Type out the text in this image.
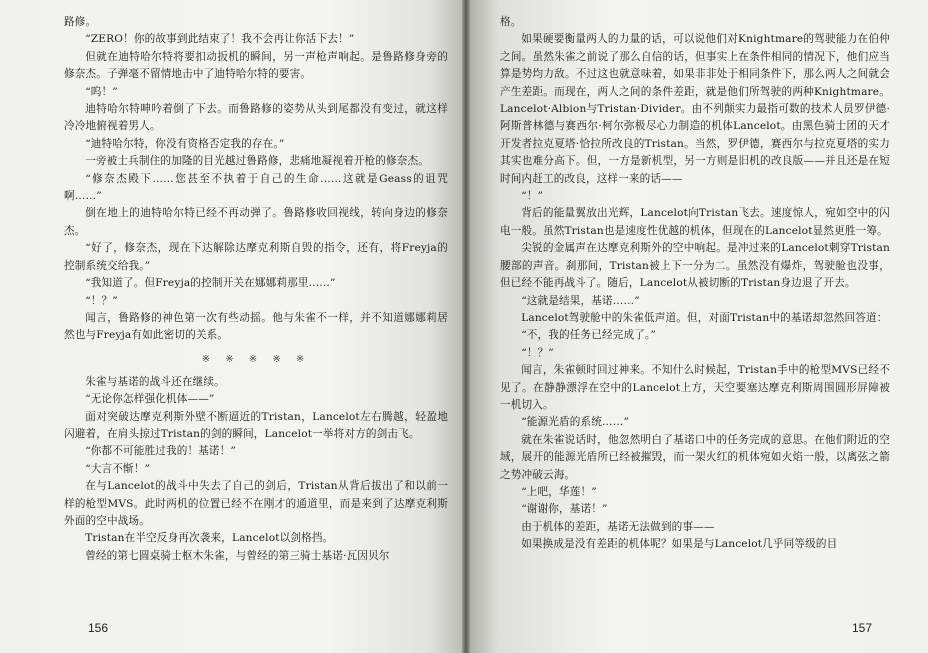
路修。

“ZERO！你的故事到此结束了！我不会再让你活下去！”

但就在迪特哈尔特将要扣动扳机的瞬间，另一声枪声响起。是鲁路修身旁的修奈杰。子弹毫不留情地击中了迪特哈尔特的要害。

“呜！”

迪特哈尔特呻吟着倒了下去。而鲁路修的姿势从头到尾都没有变过，就这样冷冷地俯视着男人。

“迪特哈尔特，你没有资格否定我的存在。”

一旁被士兵制住的加隆的目光越过鲁路修，悲痛地凝视着开枪的修奈杰。

“修奈杰殿下……您甚至不执着于自己的生命……这就是Geass的诅咒啊……”

倒在地上的迪特哈尔特已经不再动弹了。鲁路修收回视线，转向身边的修奈杰。

“好了，修奈杰，现在下达解除达摩克利斯自毁的指令，还有，将Freyja的控制系统交给我。”

“我知道了。但Freyja的控制开关在娜娜莉那里……”

“！？”

闻言，鲁路修的神色第一次有些动摇。他与朱雀不一样，并不知道娜娜莉居然也与Freyja有如此密切的关系。

※ ※ ※ ※ ※

朱雀与基诺的战斗还在继续。

“无论你怎样强化机体——”

面对突破达摩克利斯外壁不断逼近的Tristan，Lancelot左右腾越，轻盈地闪避着，在肩头掠过Tristan的剑的瞬间，Lancelot一举将对方的剑击飞。

“你都不可能胜过我的！基诺！”

“大言不惭！”

在与Lancelot的战斗中失去了自己的剑后，Tristan从背后拔出了和以前一样的枪型MVS。此时两机的位置已经不在刚才的通道里，而是来到了达摩克利斯外面的空中战场。

Tristan在半空反身再次袭来，Lancelot以剑格挡。

曾经的第七圆桌骑士枢木朱雀，与曾经的第三骑士基诺·瓦因贝尔

156

格。

如果硬要衡量两人的力量的话，可以说他们对Knightmare的驾驶能力在伯仲之间。虽然朱雀之前说了那么自信的话，但事实上在条件相同的情况下，他们应当算是势均力敌。不过这也就意味着，如果非非处于相同条件下，那么两人之间就会产生差距。而现在，两人之间的条件差距，就是他们所驾驶的两种Knightmare。Lancelot·Albion与Tristan·Divider。由不列颠实力最指可数的技术人员罗伊德·阿斯普林德与赛西尔·柯尔弥极尽心力制造的机体Lancelot。由黑色骑士团的天才开发者拉克夏塔·恰拉所改良的Tristan。当然，罗伊德，赛西尔与拉克夏塔的实力其实也难分高下。但，一方是新机型，另一方则是旧机的改良版——并且还是在短时间内赶工的改良，这样一来的话——

“！”

背后的能量翼放出光辉，Lancelot向Tristan飞去。速度惊人，宛如空中的闪电一般。虽然Tristan也是速度性优越的机体，但现在的Lancelot显然更胜一筹。

尖锐的金属声在达摩克利斯外的空中响起。是冲过来的Lancelot刺穿Tristan腰部的声音。刹那间，Tristan被上下一分为二。虽然没有爆炸，驾驶舱也没事，但已经不能再战斗了。随后，Lancelot从被切断的Tristan身边退了开去。

“这就是结果，基诺……”

Lancelot驾驶舱中的朱雀低声道。但，对面Tristan中的基诺却忽然回答道：

“不，我的任务已经完成了。”

“！？”

闻言，朱雀顿时回过神来。不知什么时候起，Tristan手中的枪型MVS已经不见了。在静静漂浮在空中的Lancelot上方，天空要塞达摩克利斯周围圆形屏障被一机切入。

“能源光盾的系统……”

就在朱雀说话时，他忽然明白了基诺口中的任务完成的意思。在他们附近的空域，展开的能源光盾所已经被摧毁，而一架火红的机体宛如火焰一般，以离弦之箭之势冲破云海。

“上吧，华莲！”

“谢谢你，基诺！”

由于机体的差距，基诺无法做到的事——

如果换成是没有差距的机体呢？如果是与Lancelot几乎同等级的目

157
